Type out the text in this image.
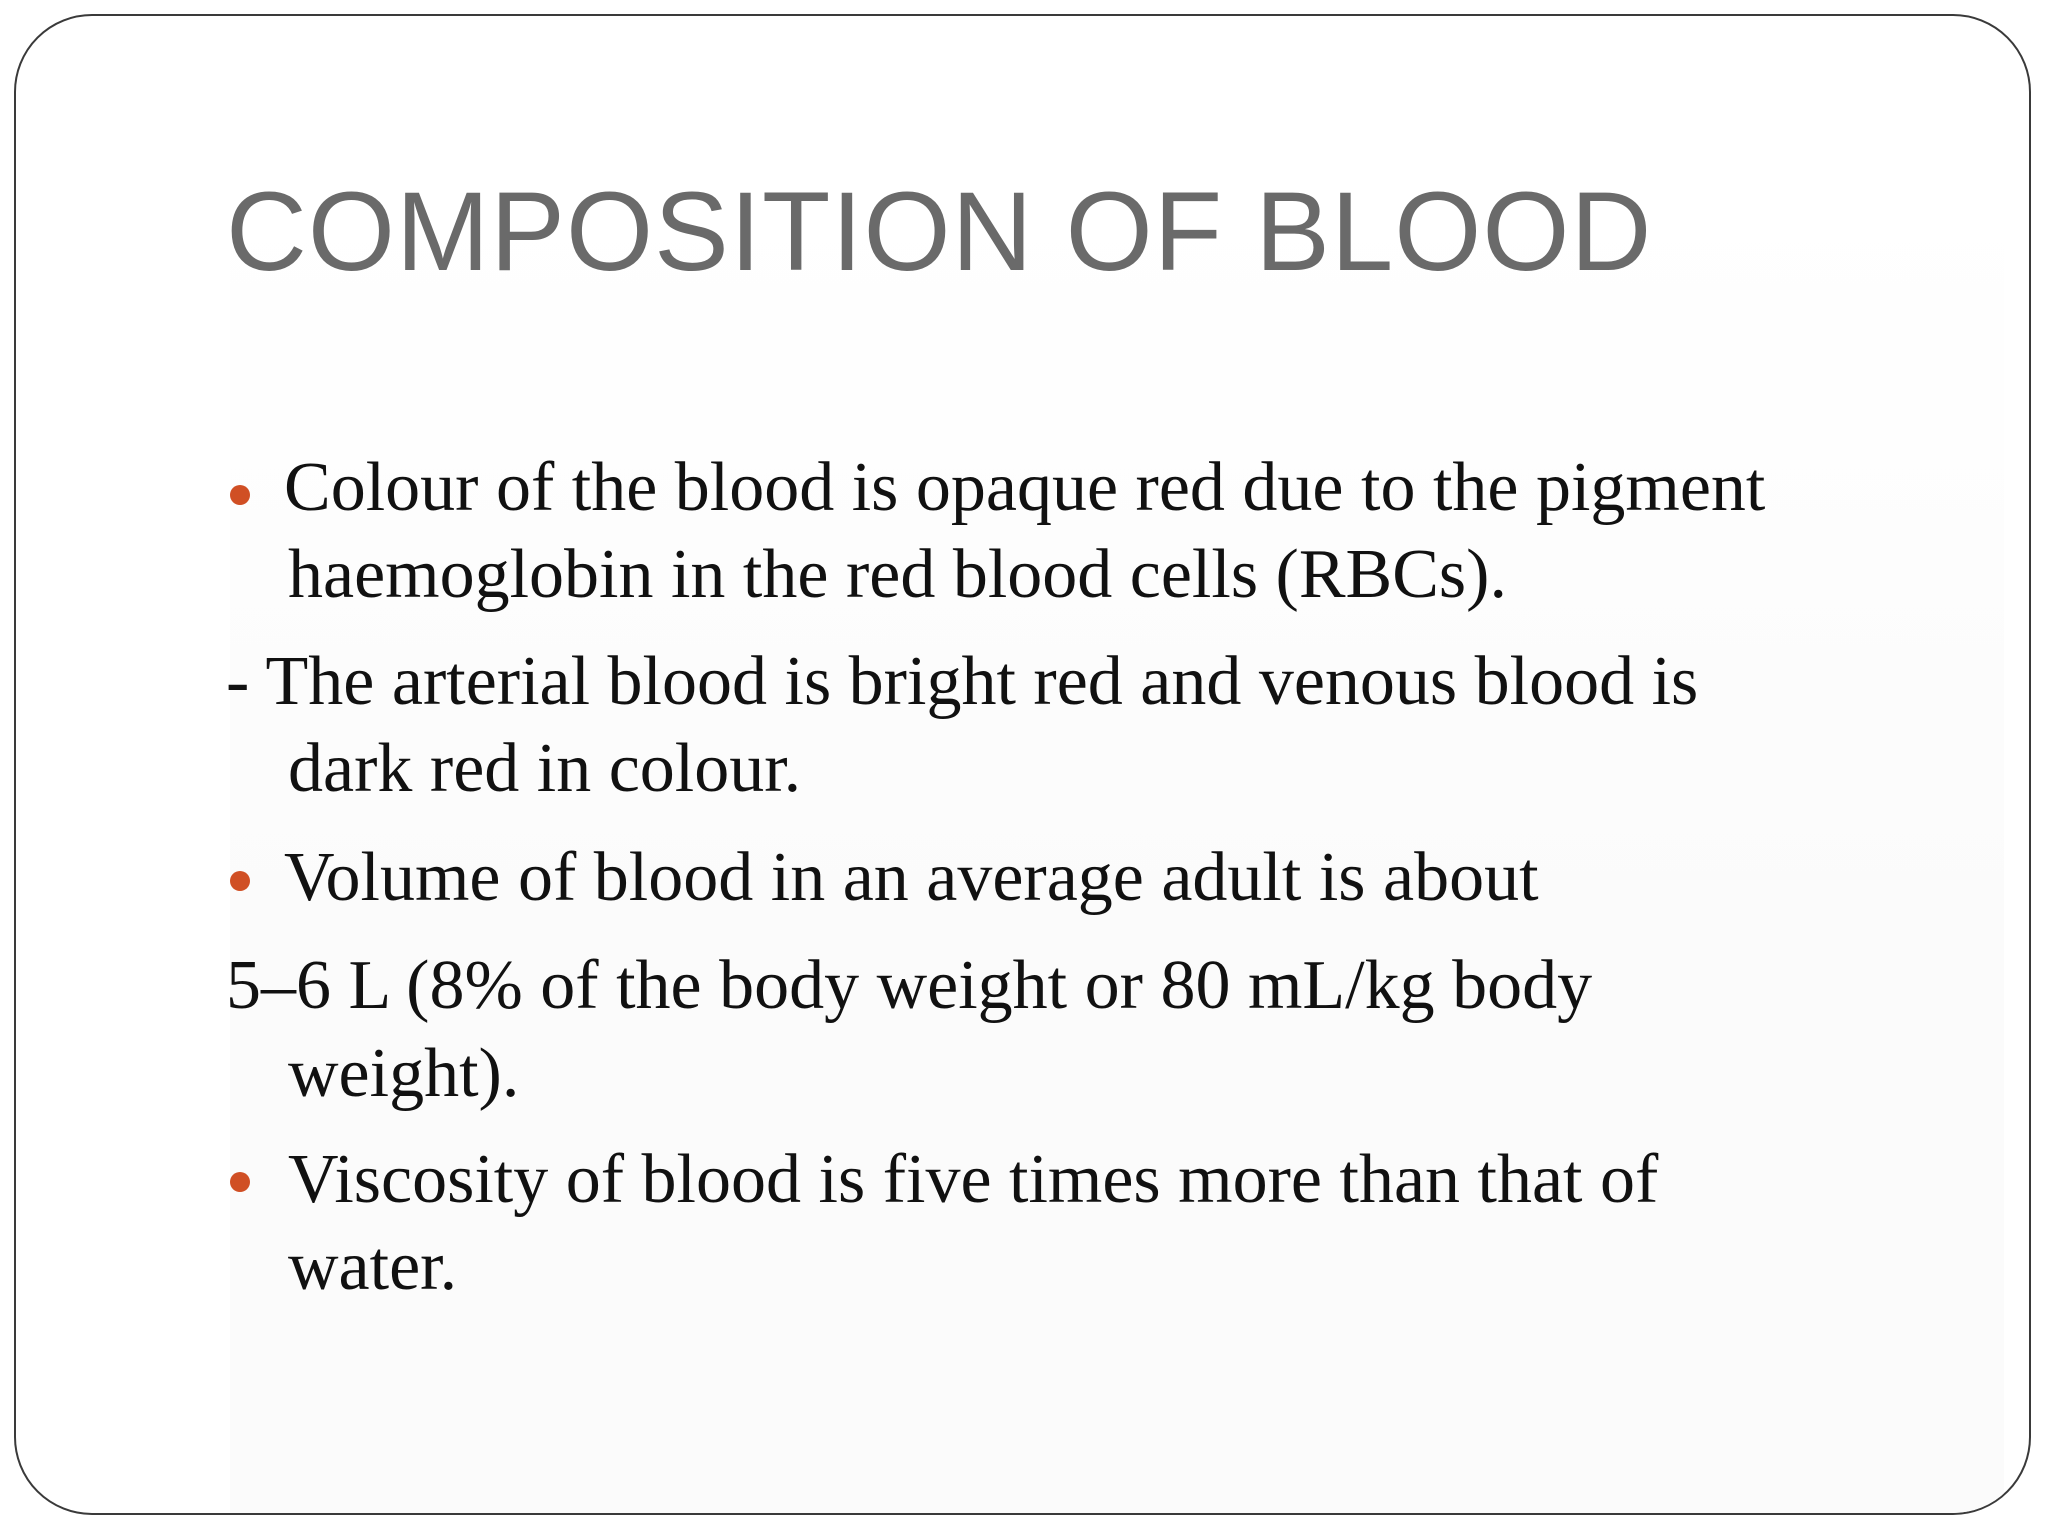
COMPOSITION OF BLOOD

Colour of the blood is opaque red due to the pigment

haemoglobin in the red blood cells (RBCs).

- The arterial blood is bright red and venous blood is

dark red in colour.

Volume of blood in an average adult is about

5–6 L (8% of the body weight or 80 mL/kg body

weight).

Viscosity of blood is five times more than that of

water.
